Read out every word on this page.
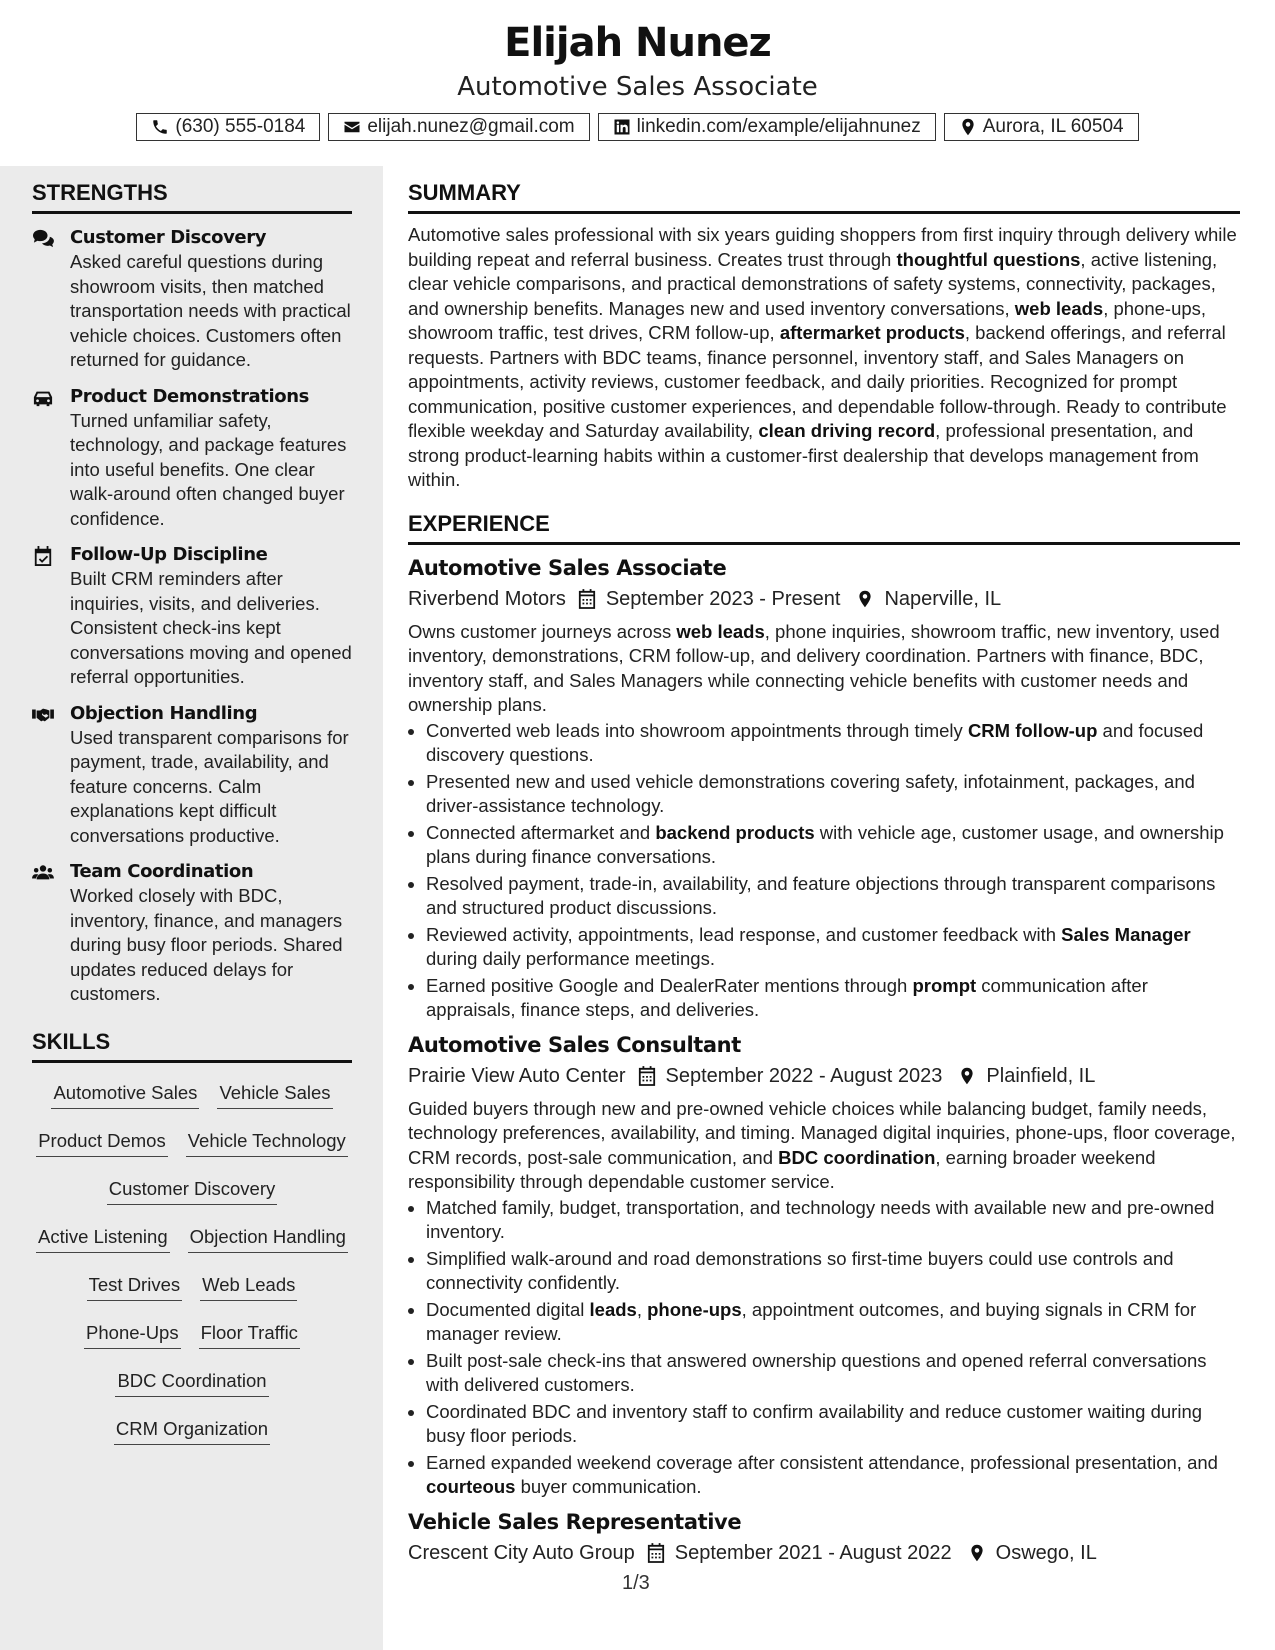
Elijah Nunez
Automotive Sales Associate
(630) 555-0184	elijah.nunez@gmail.com	linkedin.com/example/elijahnunez	Aurora, IL 60504
STRENGTHS
Customer Discovery
Asked careful questions during showroom visits, then matched transportation needs with practical vehicle choices. Customers often returned for guidance.
Product Demonstrations
Turned unfamiliar safety, technology, and package features into useful benefits. One clear walk-around often changed buyer confidence.
Follow-Up Discipline
Built CRM reminders after inquiries, visits, and deliveries. Consistent check-ins kept conversations moving and opened referral opportunities.
Objection Handling
Used transparent comparisons for payment, trade, availability, and feature concerns. Calm explanations kept difficult conversations productive.
Team Coordination
Worked closely with BDC, inventory, finance, and managers during busy floor periods. Shared updates reduced delays for customers.
SKILLS
Automotive Sales Vehicle Sales
Product Demos Vehicle Technology
Customer Discovery
Active Listening Objection Handling
Test Drives Web Leads
Phone-Ups Floor Traffic
BDC Coordination
CRM Organization
SUMMARY

Automotive sales professional with six years guiding shoppers from first inquiry through delivery while building repeat and referral business. Creates trust through thoughtful questions, active listening, clear vehicle comparisons, and practical demonstrations of safety systems, connectivity, packages, and ownership benefits. Manages new and used inventory conversations, web leads, phone-ups, showroom traffic, test drives, CRM follow-up, aftermarket products, backend offerings, and referral requests. Partners with BDC teams, finance personnel, inventory staff, and Sales Managers on appointments, activity reviews, customer feedback, and daily priorities. Recognized for prompt communication, positive customer experiences, and dependable follow-through. Ready to contribute flexible weekday and Saturday availability, clean driving record, professional presentation, and strong product-learning habits within a customer-first dealership that develops management from within.

EXPERIENCE
Automotive Sales Associate
Riverbend Motors September 2023 - Present Naperville, IL

Owns customer journeys across web leads, phone inquiries, showroom traffic, new inventory, used inventory, demonstrations, CRM follow-up, and delivery coordination. Partners with finance, BDC, inventory staff, and Sales Managers while connecting vehicle benefits with customer needs and ownership plans.

• Converted web leads into showroom appointments through timely CRM follow-up and focused discovery questions.
• Presented new and used vehicle demonstrations covering safety, infotainment, packages, and driver-assistance technology.
• Connected aftermarket and backend products with vehicle age, customer usage, and ownership plans during finance conversations.
• Resolved payment, trade-in, availability, and feature objections through transparent comparisons and structured product discussions.
• Reviewed activity, appointments, lead response, and customer feedback with Sales Manager during daily performance meetings.
• Earned positive Google and DealerRater mentions through prompt communication after appraisals, finance steps, and deliveries.
Automotive Sales Consultant
Prairie View Auto Center September 2022 - August 2023 Plainfield, IL

Guided buyers through new and pre-owned vehicle choices while balancing budget, family needs, technology preferences, availability, and timing. Managed digital inquiries, phone-ups, floor coverage, CRM records, post-sale communication, and BDC coordination, earning broader weekend responsibility through dependable customer service.

• Matched family, budget, transportation, and technology needs with available new and pre-owned inventory.
• Simplified walk-around and road demonstrations so first-time buyers could use controls and connectivity confidently.
• Documented digital leads, phone-ups, appointment outcomes, and buying signals in CRM for manager review.
• Built post-sale check-ins that answered ownership questions and opened referral conversations with delivered customers.
• Coordinated BDC and inventory staff to confirm availability and reduce customer waiting during busy floor periods.
• Earned expanded weekend coverage after consistent attendance, professional presentation, and courteous buyer communication.
Vehicle Sales Representative
Crescent City Auto Group September 2021 - August 2022 Oswego, IL
1/3
